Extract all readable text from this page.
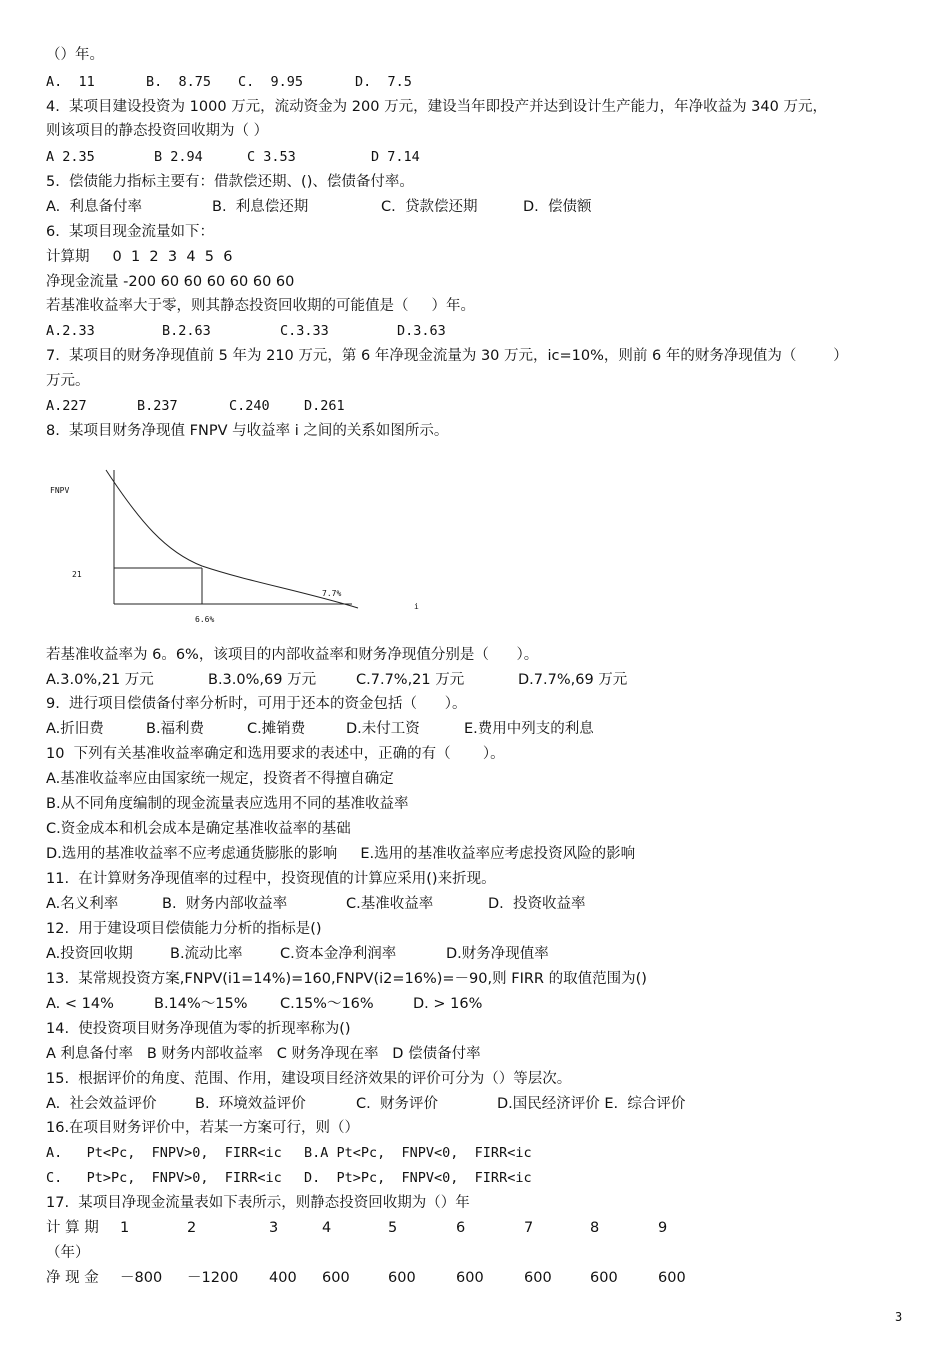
（）年。
A.  11	B.  8.75 C.  9.95	D.  7.5
4.  某项目建设投资为 1000 万元，流动资金为 200 万元，建设当年即投产并达到设计生产能力，年净收益为 340 万元，
则该项目的静态投资回收期为（ ）
A 2.35	B 2.94	C 3.53	D 7.14
5.  偿债能力指标主要有：借款偿还期、()、偿债备付率。
A.  利息备付率	B.  利息偿还期	C.  贷款偿还期	D.  偿债额
6.  某项目现金流量如下：
计算期     0  1  2  3  4  5  6
净现金流量 -200 60 60 60 60 60 60
若基准收益率大于零，则其静态投资回收期的可能值是（     ）年。
A.2.33	B.2.63	C.3.33	D.3.63
7.  某项目的财务净现值前 5 年为 210 万元，第 6 年净现金流量为 30 万元，ic=10%，则前 6 年的财务净现值为（        ）
万元。
A.227	B.237	C.240	D.261
8.  某项目财务净现值 FNPV 与收益率 i 之间的关系如图所示。
FNPV
21
6.6%
7.7%
i
若基准收益率为 6。6%，该项目的内部收益率和财务净现值分别是（      ）。
A.3.0%,21 万元	B.3.0%,69 万元	C.7.7%,21 万元	D.7.7%,69 万元
9.  进行项目偿债备付率分析时，可用于还本的资金包括（      ）。
A.折旧费	B.福利费	C.摊销费	D.未付工资	E.费用中列支的利息
10  下列有关基准收益率确定和选用要求的表述中，正确的有（       ）。
A.基准收益率应由国家统一规定，投资者不得擅自确定
B.从不同角度编制的现金流量表应选用不同的基准收益率
C.资金成本和机会成本是确定基准收益率的基础
D.选用的基准收益率不应考虑通货膨胀的影响     E.选用的基准收益率应考虑投资风险的影响
11.  在计算财务净现值率的过程中，投资现值的计算应采用()来折现。
A.名义利率	B.  财务内部收益率	C.基准收益率	D.  投资收益率
12.  用于建设项目偿债能力分析的指标是()
A.投资回收期	B.流动比率	C.资本金净利润率	D.财务净现值率
13.  某常规投资方案,FNPV(i1=14%)=160,FNPV(i2=16%)=－90,则 FIRR 的取值范围为()
A. < 14%	B.14%～15% C.15%～16%	D. > 16%
14.  使投资项目财务净现值为零的折现率称为()
A 利息备付率   B 财务内部收益率   C 财务净现在率   D 偿债备付率
15.  根据评价的角度、范围、作用，建设项目经济效果的评价可分为（）等层次。
A.  社会效益评价	B.  环境效益评价	C.  财务评价	D.国民经济评价 E.  综合评价
16.在项目财务评价中，若某一方案可行，则（）
A.   Pt<Pc,  FNPV>0,  FIRR<ic B.A Pt<Pc,  FNPV<0,  FIRR<ic
C.   Pt>Pc,  FNPV>0,  FIRR<ic D.  Pt>Pc,  FNPV<0,  FIRR<ic
17.  某项目净现金流量表如下表所示，则静态投资回收期为（）年
计 算 期 1	2	3	4	5	6	7	8	9
（年）
净 现 金 －800 －1200 400 600	600	600	600	600	600
3
